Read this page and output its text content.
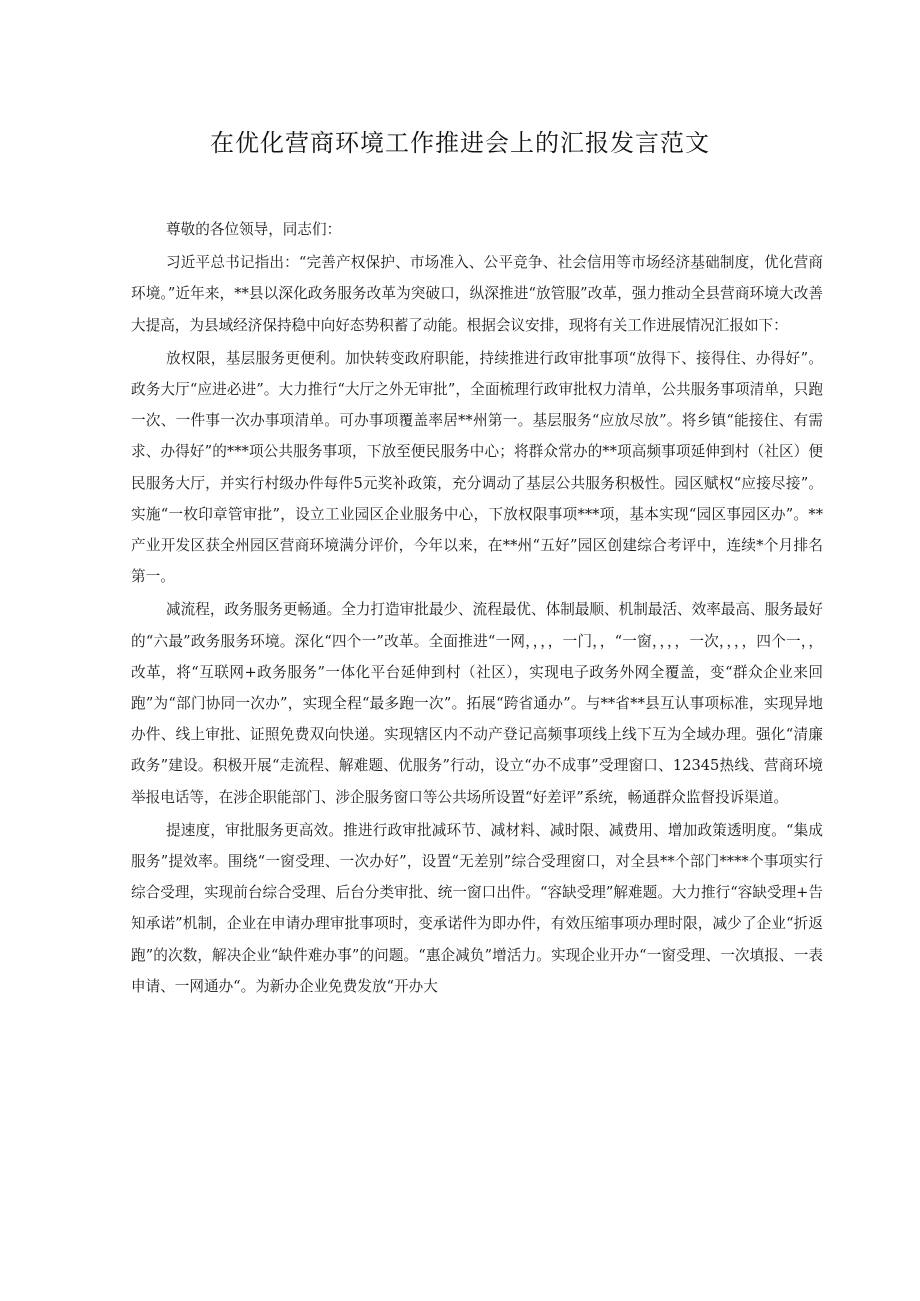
在优化营商环境工作推进会上的汇报发言范文

尊敬的各位领导，同志们：

习近平总书记指出：“完善产权保护、市场准入、公平竞争、社会信用等市场经济基础制度，优化营商环境。”近年来，**县以深化政务服务改革为突破口，纵深推进“放管服”改革，强力推动全县营商环境大改善大提高，为县域经济保持稳中向好态势积蓄了动能。根据会议安排，现将有关工作进展情况汇报如下：

放权限，基层服务更便利。加快转变政府职能，持续推进行政审批事项“放得下、接得住、办得好”。政务大厅“应进必进”。大力推行“大厅之外无审批”，全面梳理行政审批权力清单，公共服务事项清单，只跑一次、一件事一次办事项清单。可办事项覆盖率居**州第一。基层服务“应放尽放”。将乡镇“能接住、有需求、办得好”的***项公共服务事项，下放至便民服务中心；将群众常办的**项高频事项延伸到村（社区）便民服务大厅，并实行村级办件每件5元奖补政策，充分调动了基层公共服务积极性。园区赋权“应接尽接”。实施“一枚印章管审批”，设立工业园区企业服务中心，下放权限事项***项，基本实现“园区事园区办”。**产业开发区获全州园区营商环境满分评价，今年以来，在**州“五好”园区创建综合考评中，连续*个月排名第一。

减流程，政务服务更畅通。全力打造审批最少、流程最优、体制最顺、机制最活、效率最高、服务最好的“六最”政务服务环境。深化“四个一”改革。全面推进“一网，，，，一门，，“一窗，，，，一次，，，，四个一，，改革，将“互联网+政务服务”一体化平台延伸到村（社区），实现电子政务外网全覆盖，变“群众企业来回跑”为“部门协同一次办”，实现全程“最多跑一次”。拓展“跨省通办”。与**省**县互认事项标准，实现异地办件、线上审批、证照免费双向快递。实现辖区内不动产登记高频事项线上线下互为全域办理。强化“清廉政务”建设。积极开展“走流程、解难题、优服务”行动，设立“办不成事”受理窗口、12345热线、营商环境举报电话等，在涉企职能部门、涉企服务窗口等公共场所设置“好差评”系统，畅通群众监督投诉渠道。

提速度，审批服务更高效。推进行政审批减环节、减材料、减时限、减费用、增加政策透明度。“集成服务”提效率。围绕“一窗受理、一次办好”，设置“无差别”综合受理窗口，对全县**个部门****个事项实行综合受理，实现前台综合受理、后台分类审批、统一窗口出件。“容缺受理”解难题。大力推行“容缺受理+告知承诺”机制，企业在申请办理审批事项时，变承诺件为即办件，有效压缩事项办理时限，减少了企业“折返跑”的次数，解决企业“缺件难办事”的问题。“惠企减负”增活力。实现企业开办“一窗受理、一次填报、一表申请、一网通办“。为新办企业免费发放“开办大
